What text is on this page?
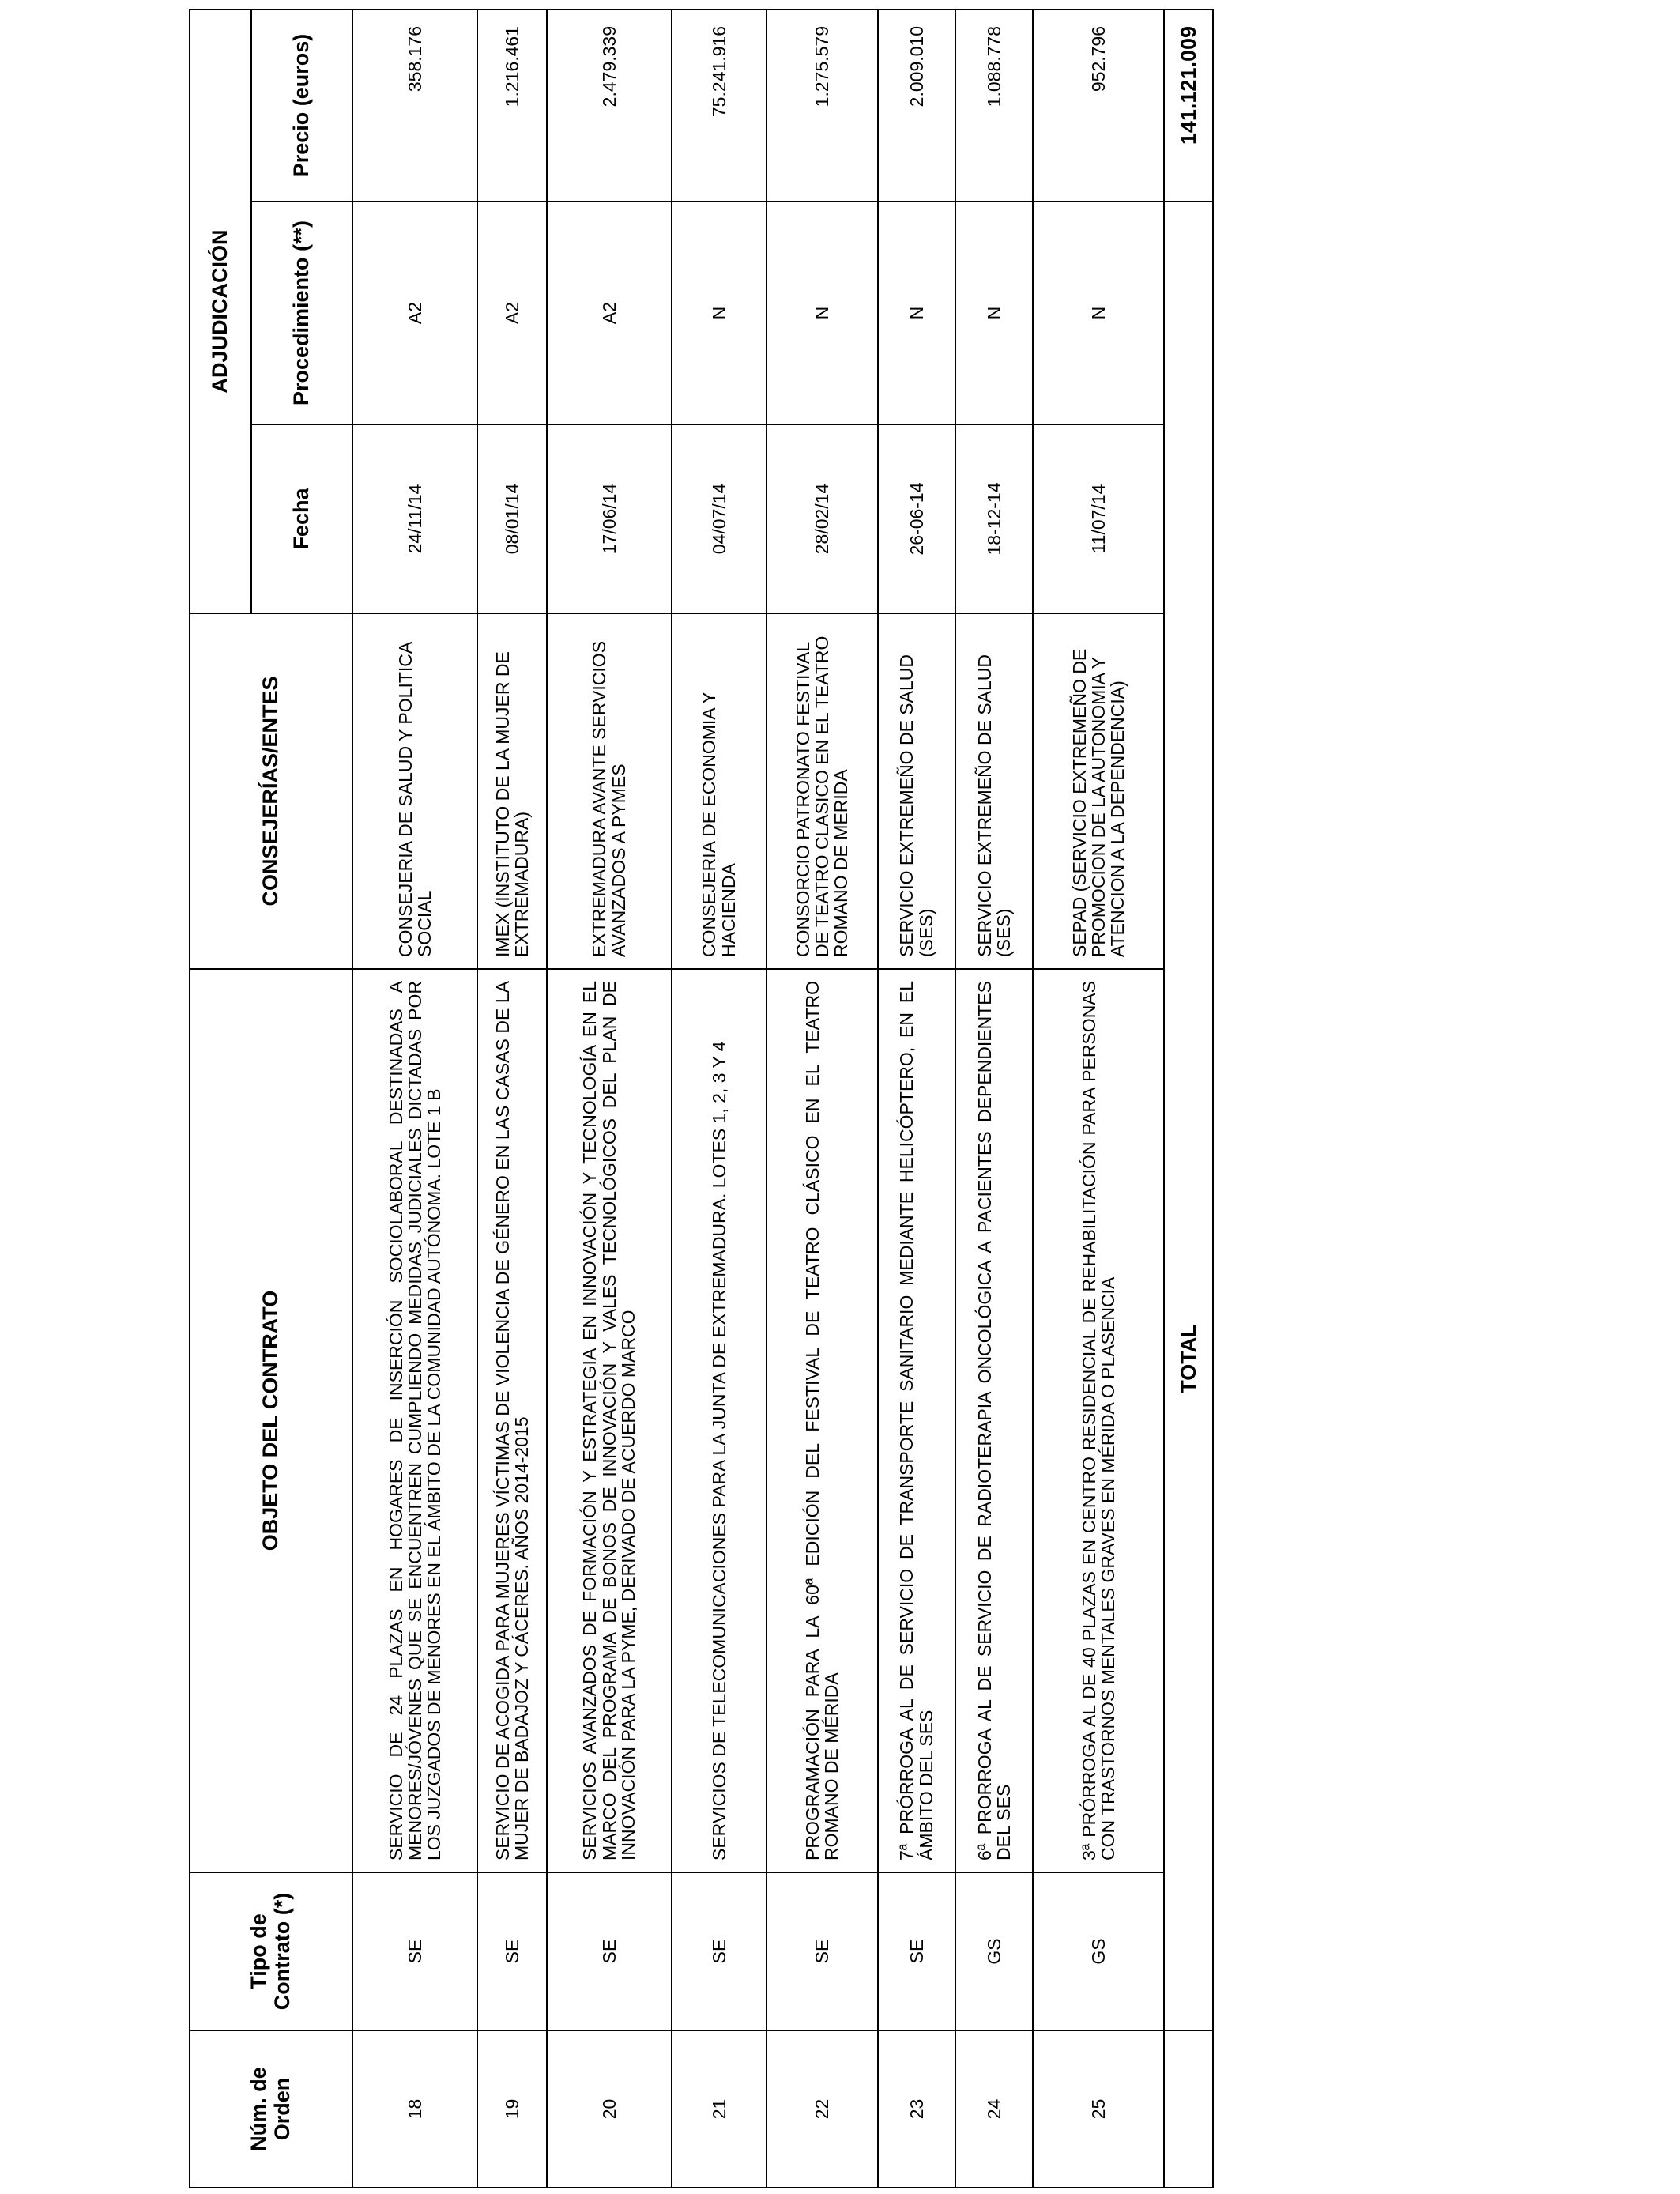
Núm. de Orden	Tipo de Contrato (*)	OBJETO DEL CONTRATO	CONSEJERÍAS/ENTES	ADJUDICACIÓN		
				Fecha	Procedimiento (**)	Precio (euros)
18	SE	SERVICIO DE 24 PLAZAS EN HOGARES DE INSERCIÓN SOCIOLABORAL DESTINADAS A MENORES/JÓVENES QUE SE ENCUENTREN CUMPLIENDO MEDIDAS JUDICIALES DICTADAS POR LOS JUZGADOS DE MENORES EN EL ÁMBITO DE LA COMUNIDAD AUTÓNOMA. LOTE 1 B	CONSEJERIA DE SALUD Y POLITICA SOCIAL	24/11/14	A2	358.176
19	SE	SERVICIO DE ACOGIDA PARA MUJERES VÍCTIMAS DE VIOLENCIA DE GÉNERO EN LAS CASAS DE LA MUJER DE BADAJOZ Y CÁCERES. AÑOS 2014-2015	IMEX (INSTITUTO DE LA MUJER DE EXTREMADURA)	08/01/14	A2	1.216.461
20	SE	SERVICIOS AVANZADOS DE FORMACIÓN Y ESTRATEGIA EN INNOVACIÓN Y TECNOLOGÍA EN EL MARCO DEL PROGRAMA DE BONOS DE INNOVACIÓN Y VALES TECNOLÓGICOS DEL PLAN DE INNOVACIÓN PARA LA PYME, DERIVADO DE ACUERDO MARCO	EXTREMADURA AVANTE SERVICIOS AVANZADOS A PYMES	17/06/14	A2	2.479.339
21	SE	SERVICIOS DE TELECOMUNICACIONES PARA LA JUNTA DE EXTREMADURA. LOTES 1, 2, 3 Y 4	CONSEJERIA DE ECONOMIA Y HACIENDA	04/07/14	N	75.241.916
22	SE	PROGRAMACIÓN PARA LA 60ª EDICIÓN DEL FESTIVAL DE TEATRO CLÁSICO EN EL TEATRO ROMANO DE MÉRIDA	CONSORCIO PATRONATO FESTIVAL DE TEATRO CLASICO EN EL TEATRO ROMANO DE MERIDA	28/02/14	N	1.275.579
23	SE	7ª PRÓRROGA AL DE SERVICIO DE TRANSPORTE SANITARIO MEDIANTE HELICÓPTERO, EN EL ÁMBITO DEL SES	SERVICIO EXTREMEÑO DE SALUD (SES)	26-06-14	N	2.009.010
24	GS	6ª PRORROGA AL DE SERVICIO DE RADIOTERAPIA ONCOLÓGICA A PACIENTES DEPENDIENTES DEL SES	SERVICIO EXTREMEÑO DE SALUD (SES)	18-12-14	N	1.088.778
25	GS	3ª PRÓRROGA AL DE 40 PLAZAS EN CENTRO RESIDENCIAL DE REHABILITACIÓN PARA PERSONAS CON TRASTORNOS MENTALES GRAVES EN MÉRIDA O PLASENCIA	SEPAD (SERVICIO EXTREMEÑO DE PROMOCION DE LA AUTONOMIA Y ATENCION A LA DEPENDENCIA)	11/07/14	N	952.796
	TOTAL					141.121.009
